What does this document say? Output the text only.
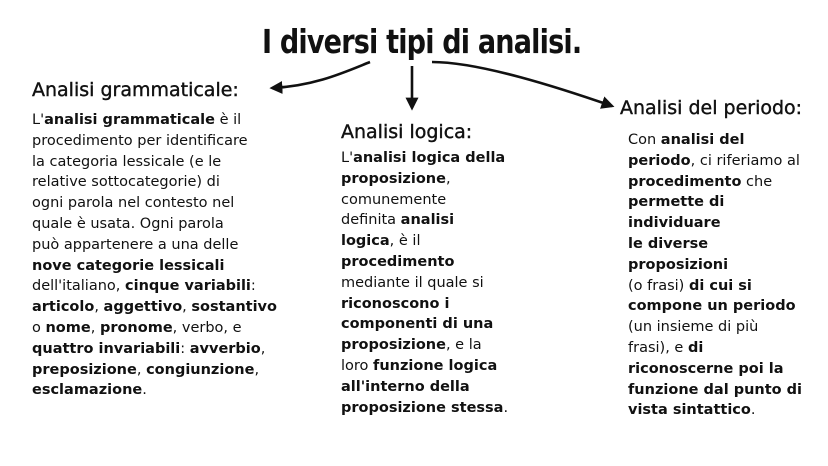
I diversi tipi di analisi.
Analisi grammaticale:
L'analisi grammaticale è il
procedimento per identificare
la categoria lessicale (e le
relative sottocategorie) di
ogni parola nel contesto nel
quale è usata. Ogni parola
può appartenere a una delle
nove categorie lessicali
dell'italiano, cinque variabili:
articolo, aggettivo, sostantivo
o nome, pronome, verbo, e
quattro invariabili: avverbio,
preposizione, congiunzione,
esclamazione.
Analisi logica:
L'analisi logica della
proposizione,
comunemente
definita analisi
logica, è il
procedimento
mediante il quale si
riconoscono i
componenti di una
proposizione, e la
loro funzione logica
all'interno della
proposizione stessa.
Analisi del periodo:
Con analisi del
periodo, ci riferiamo al
procedimento che
permette di individuare
le diverse proposizioni
(o frasi) di cui si
compone un periodo
(un insieme di più
frasi), e di
riconoscerne poi la
funzione dal punto di
vista sintattico.
